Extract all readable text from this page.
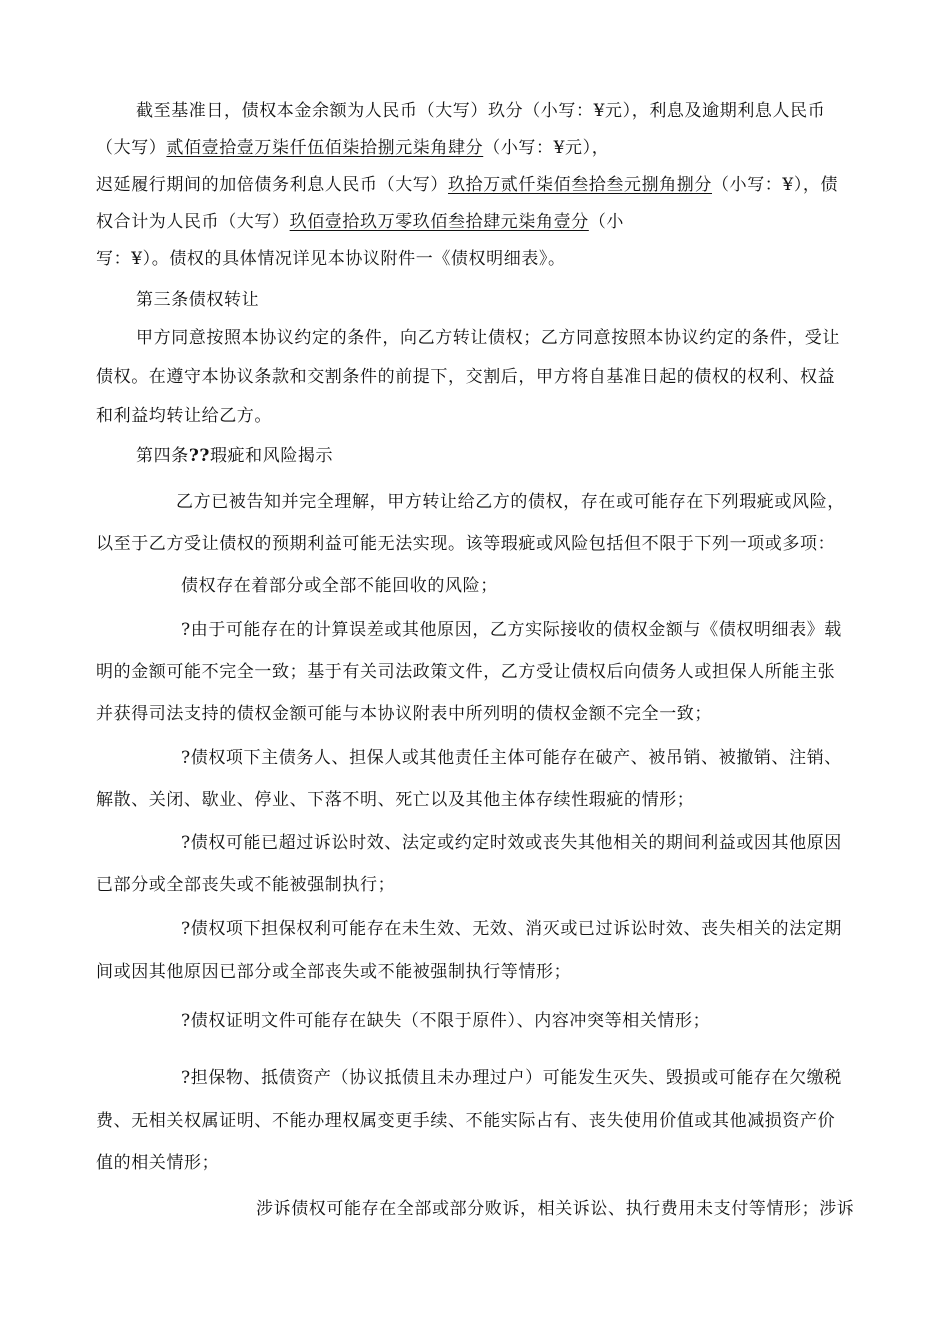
截至基准日，债权本金余额为人民币（大写）玖分（小写：¥元），利息及逾期利息人民币
（大写）贰佰壹拾壹万柒仟伍佰柒拾捌元柒角肆分（小写：¥元），
迟延履行期间的加倍债务利息人民币（大写）玖拾万贰仟柒佰叁拾叁元捌角捌分（小写：¥），债
权合计为人民币（大写）玖佰壹拾玖万零玖佰叁拾肆元柒角壹分（小
写：¥）。债权的具体情况详见本协议附件一《债权明细表》。
第三条债权转让
甲方同意按照本协议约定的条件，向乙方转让债权；乙方同意按照本协议约定的条件，受让
债权。在遵守本协议条款和交割条件的前提下，交割后，甲方将自基准日起的债权的权利、权益
和利益均转让给乙方。
第四条??瑕疵和风险揭示
乙方已被告知并完全理解，甲方转让给乙方的债权，存在或可能存在下列瑕疵或风险，
以至于乙方受让债权的预期利益可能无法实现。该等瑕疵或风险包括但不限于下列一项或多项：
债权存在着部分或全部不能回收的风险；
?由于可能存在的计算误差或其他原因，乙方实际接收的债权金额与《债权明细表》载
明的金额可能不完全一致；基于有关司法政策文件，乙方受让债权后向债务人或担保人所能主张
并获得司法支持的债权金额可能与本协议附表中所列明的债权金额不完全一致；
?债权项下主债务人、担保人或其他责任主体可能存在破产、被吊销、被撤销、注销、
解散、关闭、歇业、停业、下落不明、死亡以及其他主体存续性瑕疵的情形；
?债权可能已超过诉讼时效、法定或约定时效或丧失其他相关的期间利益或因其他原因
已部分或全部丧失或不能被强制执行；
?债权项下担保权利可能存在未生效、无效、消灭或已过诉讼时效、丧失相关的法定期
间或因其他原因已部分或全部丧失或不能被强制执行等情形；
?债权证明文件可能存在缺失（不限于原件）、内容冲突等相关情形；
?担保物、抵债资产（协议抵债且未办理过户）可能发生灭失、毁损或可能存在欠缴税
费、无相关权属证明、不能办理权属变更手续、不能实际占有、丧失使用价值或其他减损资产价
值的相关情形；
涉诉债权可能存在全部或部分败诉，相关诉讼、执行费用未支付等情形；涉诉
